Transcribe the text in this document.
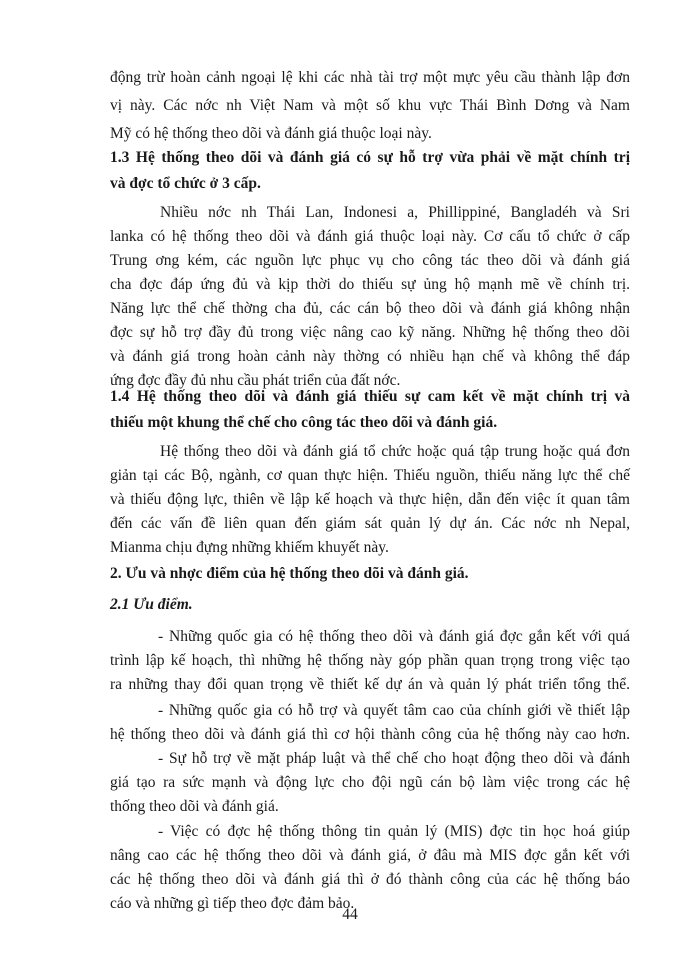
động trừ hoàn cảnh ngoại lệ khi các nhà tài trợ một mực yêu cầu thành lập đơn
vị này. Các nớc nh Việt Nam và một số khu vực Thái Bình Dơng và Nam
Mỹ có hệ thống theo dõi và đánh giá thuộc loại này.
1.3 Hệ thống theo dõi và đánh giá có sự hỗ trợ vừa phải về mặt chính trị
và đợc tổ chức ở 3 cấp.
Nhiều nớc nh Thái Lan, Indonesi a, Phillippiné, Bangladéh và Sri
lanka có hệ thống theo dõi và đánh giá thuộc loại này. Cơ cấu tổ chức ở cấp
Trung ơng kém, các nguồn lực phục vụ cho công tác theo dõi và đánh giá
cha đợc đáp ứng đủ và kịp thời do thiếu sự ủng hộ mạnh mẽ về chính trị.
Năng lực thể chế thờng cha đủ, các cán bộ theo dõi và đánh giá không nhận
đợc sự hỗ trợ đầy đủ trong việc nâng cao kỹ năng. Những hệ thống theo dõi
và đánh giá trong hoàn cảnh này thờng có nhiều hạn chế và không thể đáp
ứng đợc đầy đủ nhu cầu phát triển của đất nớc.
1.4 Hệ thống theo dõi và đánh giá thiếu sự cam kết về mặt chính trị và
thiếu một khung thể chế cho công tác theo dõi và đánh giá.
Hệ thống theo dõi và đánh giá tổ chức hoặc quá tập trung hoặc quá đơn
giản tại các Bộ, ngành, cơ quan thực hiện. Thiếu nguồn, thiếu năng lực thể chế
và thiếu động lực, thiên về lập kế hoạch và thực hiện, dẫn đến việc ít quan tâm
đến các vấn đề liên quan đến giám sát quản lý dự án. Các nớc nh Nepal,
Mianma chịu đựng những khiếm khuyết này.
2. Ưu và nhợc điểm của hệ thống theo dõi và đánh giá.
2.1 Ưu điểm.
- Những quốc gia có hệ thống theo dõi và đánh giá đợc gắn kết với quá
trình lập kế hoạch, thì những hệ thống này góp phần quan trọng trong việc tạo
ra những thay đổi quan trọng về thiết kế dự án và quản lý phát triển tổng thể.
- Những quốc gia có hỗ trợ và quyết tâm cao của chính giới về thiết lập
hệ thống theo dõi và đánh giá thì cơ hội thành công của hệ thống này cao hơn.
- Sự hỗ trợ về mặt pháp luật và thể chế cho hoạt động theo dõi và đánh
giá tạo ra sức mạnh và động lực cho đội ngũ cán bộ làm việc trong các hệ
thống theo dõi và đánh giá.
- Việc có đợc hệ thống thông tin quản lý (MIS) đợc tin học hoá giúp
nâng cao các hệ thống theo dõi và đánh giá, ở đâu mà MIS đợc gắn kết với
các hệ thống theo dõi và đánh giá thì ở đó thành công của các hệ thống báo
cáo và những gì tiếp theo đợc đảm bảo.
44
